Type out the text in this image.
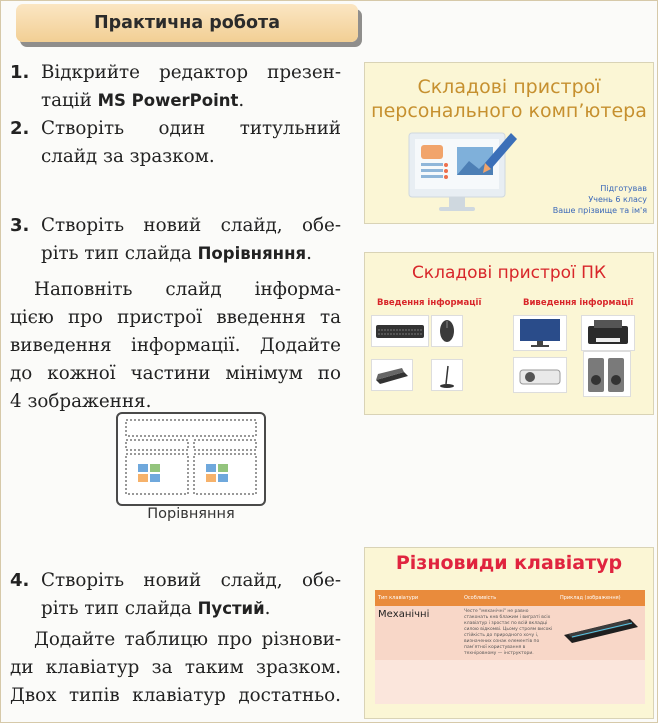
Практична робота
1. Відкрийте редактор презен-
тацій MS PowerPoint.
2. Створіть один титульний
слайд за зразком.
3. Створіть новий слайд, обе-
ріть тип слайда Порівняння.
Наповніть слайд інформа-
цією про пристрої введення та
виведення інформації. Додайте
до кожної частини мінімум по
4 зображення.
Порівняння
4. Створіть новий слайд, обе-
ріть тип слайда Пустий.
Додайте таблицю про різнови-
ди клавіатур за таким зразком.
Двох типів клавіатур достатньо.
Складові пристрої
персонального комп’ютера
Підготував
Учень 6 класу
Ваше прізвище та ім'я
Складові пристрої ПК
Введення інформації	Виведення інформації
Різновиди клавіатур
Тип клавіатури	Особливість	Приклад (зображення)
Механічні	Честе "механічні" не равно стаконать кнв блажим і виграті всіх клавіатур і зростає по всій вкладці силою відкомві. Цьому строям високі стійкість до природного хочу і, визначених ознак елементів по пам’ятної користування в техніровному — інструктори.	
